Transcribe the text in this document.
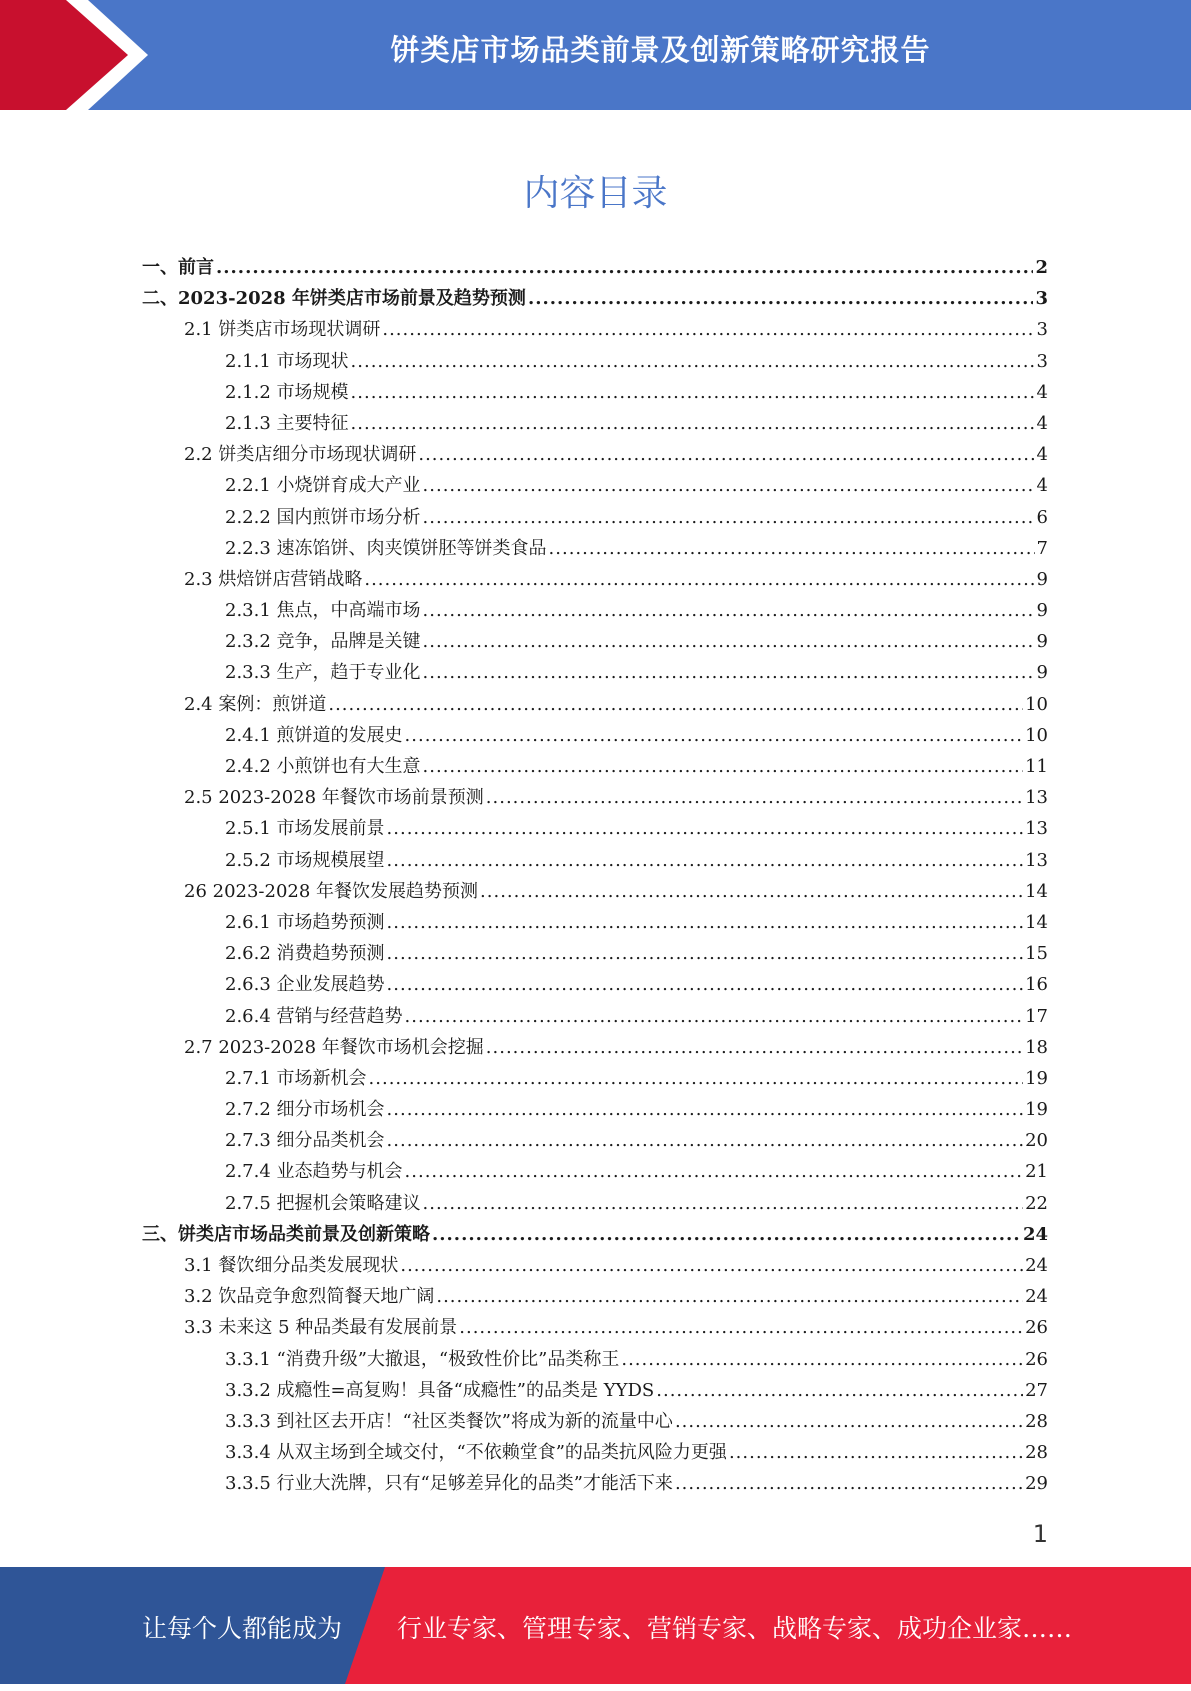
饼类店市场品类前景及创新策略研究报告
内容目录
一、前言 .....	2
二、2023-2028 年饼类店市场前景及趋势预测 .....	3
2.1 饼类店市场现状调研 .....	3
2.1.1 市场现状 .....	3
2.1.2 市场规模 .....	4
2.1.3 主要特征 .....	4
2.2 饼类店细分市场现状调研 .....	4
2.2.1 小烧饼育成大产业 .....	4
2.2.2 国内煎饼市场分析 .....	6
2.2.3 速冻馅饼、肉夹馍饼胚等饼类食品 .....	7
2.3 烘焙饼店营销战略 .....	9
2.3.1 焦点，中高端市场 .....	9
2.3.2 竞争，品牌是关键 .....	9
2.3.3 生产，趋于专业化 .....	9
2.4 案例：煎饼道 .....	10
2.4.1 煎饼道的发展史 .....	10
2.4.2 小煎饼也有大生意 .....	11
2.5 2023-2028 年餐饮市场前景预测 .....	13
2.5.1 市场发展前景 .....	13
2.5.2 市场规模展望 .....	13
26 2023-2028 年餐饮发展趋势预测 .....	14
2.6.1 市场趋势预测 .....	14
2.6.2 消费趋势预测 .....	15
2.6.3 企业发展趋势 .....	16
2.6.4 营销与经营趋势 .....	17
2.7 2023-2028 年餐饮市场机会挖掘 .....	18
2.7.1 市场新机会 .....	19
2.7.2 细分市场机会 .....	19
2.7.3 细分品类机会 .....	20
2.7.4 业态趋势与机会 .....	21
2.7.5 把握机会策略建议 .....	22
三、饼类店市场品类前景及创新策略 .....	24
3.1 餐饮细分品类发展现状 .....	24
3.2 饮品竞争愈烈简餐天地广阔 .....	24
3.3 未来这 5 种品类最有发展前景 .....	26
3.3.1 “消费升级”大撤退，“极致性价比”品类称王 .....	26
3.3.2 成瘾性=高复购！具备“成瘾性”的品类是 YYDS .....	27
3.3.3 到社区去开店！“社区类餐饮”将成为新的流量中心 .....	28
3.3.4 从双主场到全域交付，“不依赖堂食”的品类抗风险力更强 .....	28
3.3.5 行业大洗牌，只有“足够差异化的品类”才能活下来 .....	29
1
让每个人都能成为 行业专家、管理专家、营销专家、战略专家、成功企业家……
